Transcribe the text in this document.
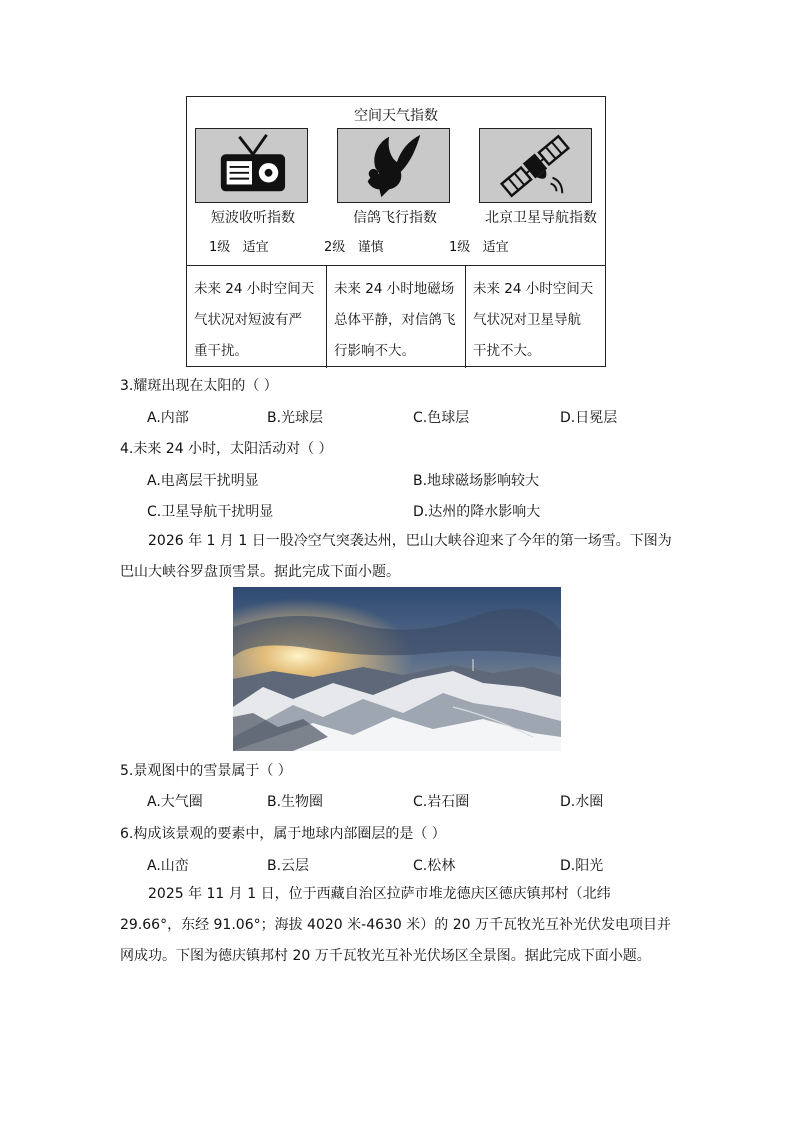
空间天气指数
短波收听指数	信鸽飞行指数	北京卫星导航指数
1级   适宜	2级   谨慎	1级   适宜
未来 24 小时空间天
气状况对短波有严
重干扰。
未来 24 小时地磁场
总体平静，对信鸽飞
行影响不大。
未来 24 小时空间天
气状况对卫星导航
干扰不大。
3.耀斑出现在太阳的（ ）
A.内部	B.光球层	C.色球层	D.日冕层
4.未来 24 小时，太阳活动对（ ）
A.电离层干扰明显	B.地球磁场影响较大
C.卫星导航干扰明显	D.达州的降水影响大
2026 年 1 月 1 日一股冷空气突袭达州，巴山大峡谷迎来了今年的第一场雪。下图为巴山大峡谷罗盘顶雪景。据此完成下面小题。
5.景观图中的雪景属于（ ）
A.大气圈	B.生物圈	C.岩石圈	D.水圈
6.构成该景观的要素中，属于地球内部圈层的是（ ）
A.山峦	B.云层	C.松林	D.阳光
2025 年 11 月 1 日，位于西藏自治区拉萨市堆龙德庆区德庆镇邦村（北纬 29.66°，东经 91.06°；海拔 4020 米-4630 米）的 20 万千瓦牧光互补光伏发电项目并网成功。下图为德庆镇邦村 20 万千瓦牧光互补光伏场区全景图。据此完成下面小题。
